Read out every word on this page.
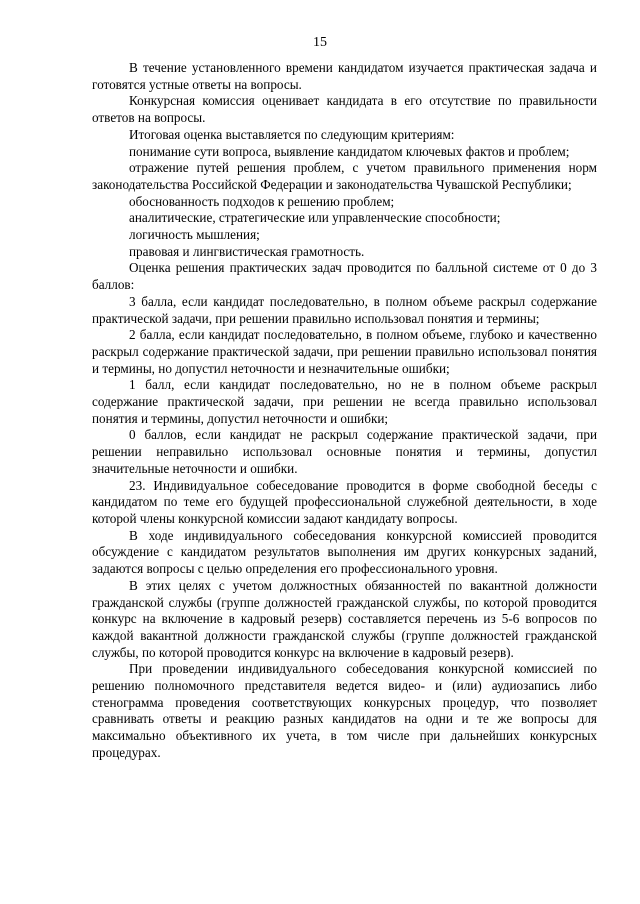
15

В течение установленного времени кандидатом изучается практическая задача и готовятся устные ответы на вопросы.

Конкурсная комиссия оценивает кандидата в его отсутствие по правильности ответов на вопросы.

Итоговая оценка выставляется по следующим критериям:

понимание сути вопроса, выявление кандидатом ключевых фактов и проблем;

отражение путей решения проблем, с учетом правильного применения норм законодательства Российской Федерации и законодательства Чувашской Республики;

обоснованность подходов к решению проблем;

аналитические, стратегические или управленческие способности;

логичность мышления;

правовая и лингвистическая грамотность.

Оценка решения практических задач проводится по балльной системе от 0 до 3 баллов:

3 балла, если кандидат последовательно, в полном объеме раскрыл содержание практической задачи, при решении правильно использовал понятия и термины;

2 балла, если кандидат последовательно, в полном объеме, глубоко и качественно раскрыл содержание практической задачи, при решении правильно использовал понятия и термины, но допустил неточности и незначительные ошибки;

1 балл, если кандидат последовательно, но не в полном объеме раскрыл содержание практической задачи, при решении не всегда правильно использовал понятия и термины, допустил неточности и ошибки;

0 баллов, если кандидат не раскрыл содержание практической задачи, при решении неправильно использовал основные понятия и термины, допустил значительные неточности и ошибки.

23. Индивидуальное собеседование проводится в форме свободной беседы с кандидатом по теме его будущей профессиональной служебной деятельности, в ходе которой члены конкурсной комиссии задают кандидату вопросы.

В ходе индивидуального собеседования конкурсной комиссией проводится обсуждение с кандидатом результатов выполнения им других конкурсных заданий, задаются вопросы с целью определения его профессионального уровня.

В этих целях с учетом должностных обязанностей по вакантной должности гражданской службы (группе должностей гражданской службы, по которой проводится конкурс на включение в кадровый резерв) составляется перечень из 5-6 вопросов по каждой вакантной должности гражданской службы (группе должностей гражданской службы, по которой проводится конкурс на включение в кадровый резерв).

При проведении индивидуального собеседования конкурсной комиссией по решению полномочного представителя ведется видео- и (или) аудиозапись либо стенограмма проведения соответствующих конкурсных процедур, что позволяет сравнивать ответы и реакцию разных кандидатов на одни и те же вопросы для максимально объективного их учета, в том числе при дальнейших конкурсных процедурах.
